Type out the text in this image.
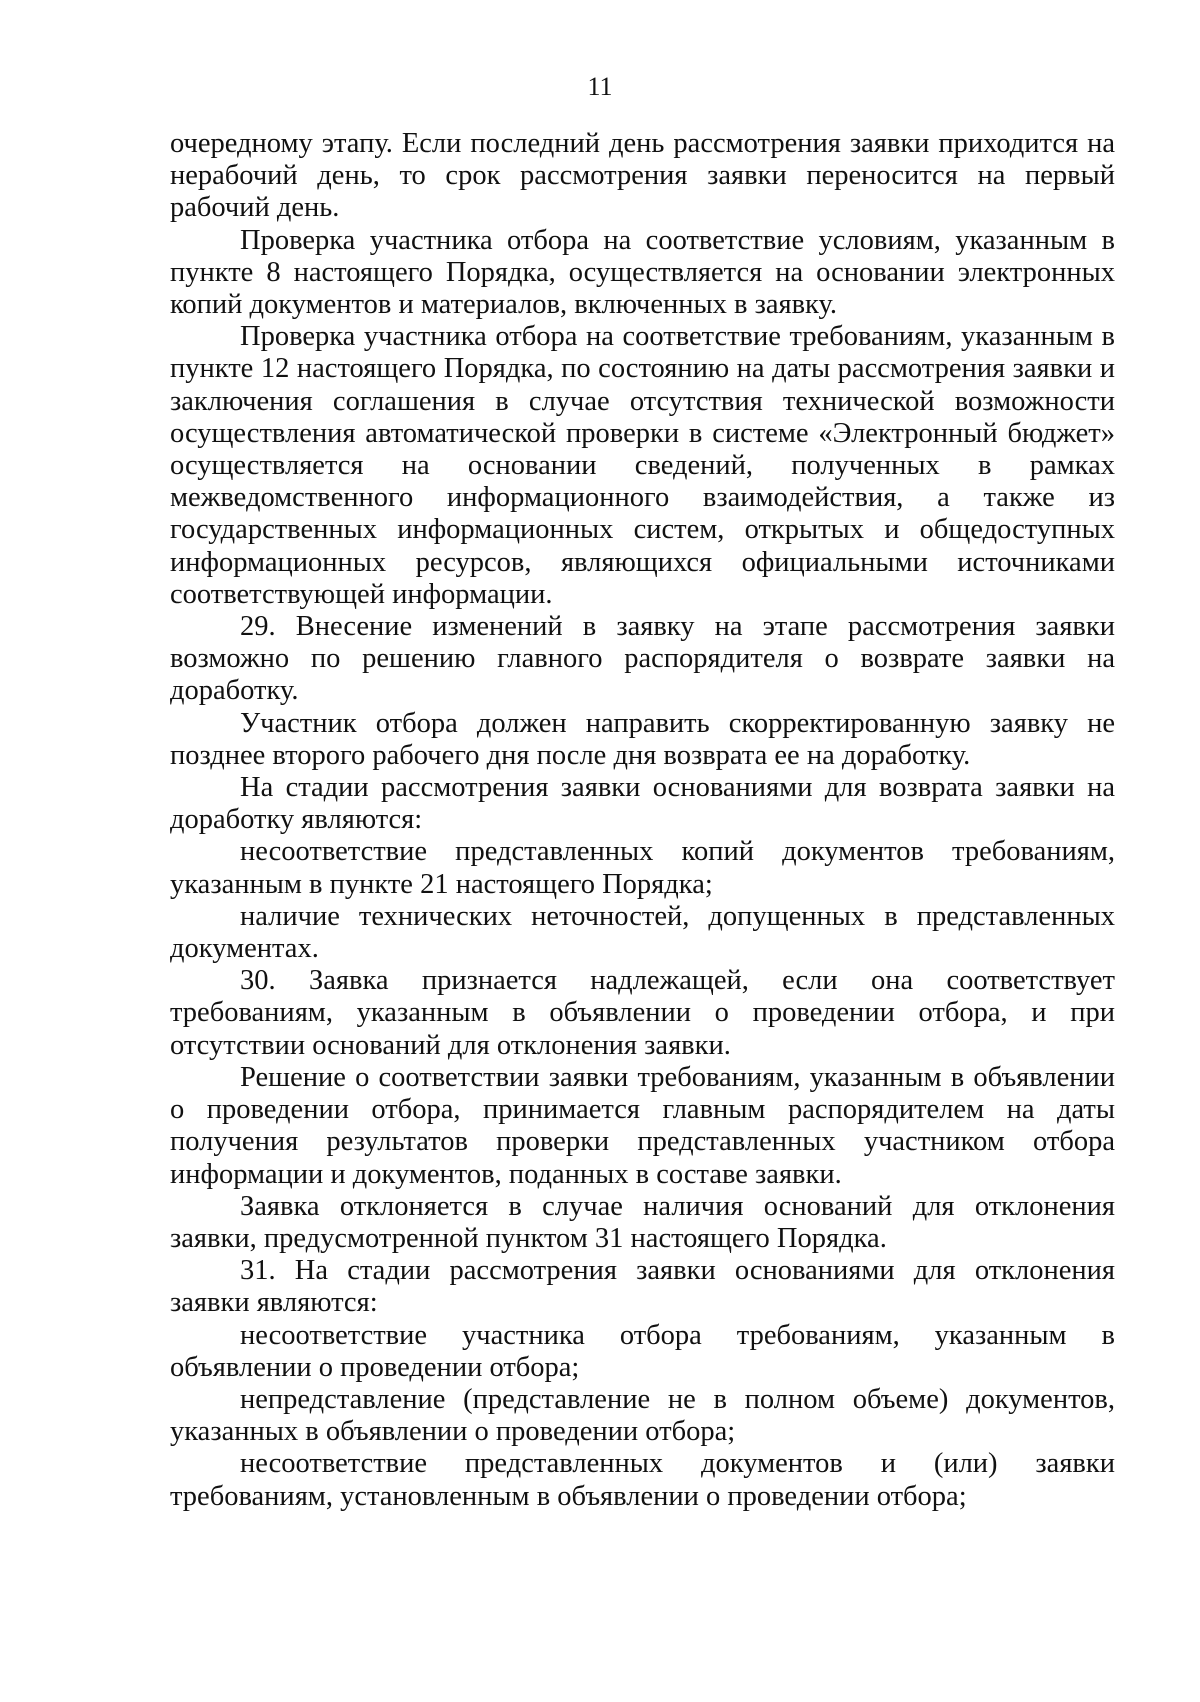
11

очередному этапу. Если последний день рассмотрения заявки приходится на нерабочий день, то срок рассмотрения заявки переносится на первый рабочий день.

Проверка участника отбора на соответствие условиям, указанным в пункте 8 настоящего Порядка, осуществляется на основании электронных копий документов и материалов, включенных в заявку.

Проверка участника отбора на соответствие требованиям, указанным в пункте 12 настоящего Порядка, по состоянию на даты рассмотрения заявки и заключения соглашения в случае отсутствия технической возможности осуществления автоматической проверки в системе «Электронный бюджет» осуществляется на основании сведений, полученных в рамках межведомственного информационного взаимодействия, а также из государственных информационных систем, открытых и общедоступных информационных ресурсов, являющихся официальными источниками соответствующей информации.

29. Внесение изменений в заявку на этапе рассмотрения заявки возможно по решению главного распорядителя о возврате заявки на доработку.

Участник отбора должен направить скорректированную заявку не позднее второго рабочего дня после дня возврата ее на доработку.

На стадии рассмотрения заявки основаниями для возврата заявки на доработку являются:

несоответствие представленных копий документов требованиям, указанным в пункте 21 настоящего Порядка;

наличие технических неточностей, допущенных в представленных документах.

30. Заявка признается надлежащей, если она соответствует требованиям, указанным в объявлении о проведении отбора, и при отсутствии оснований для отклонения заявки.

Решение о соответствии заявки требованиям, указанным в объявлении о проведении отбора, принимается главным распорядителем на даты получения результатов проверки представленных участником отбора информации и документов, поданных в составе заявки.

Заявка отклоняется в случае наличия оснований для отклонения заявки, предусмотренной пунктом 31 настоящего Порядка.

31. На стадии рассмотрения заявки основаниями для отклонения заявки являются:

несоответствие участника отбора требованиям, указанным в объявлении о проведении отбора;

непредставление (представление не в полном объеме) документов, указанных в объявлении о проведении отбора;

несоответствие представленных документов и (или) заявки требованиям, установленным в объявлении о проведении отбора;
